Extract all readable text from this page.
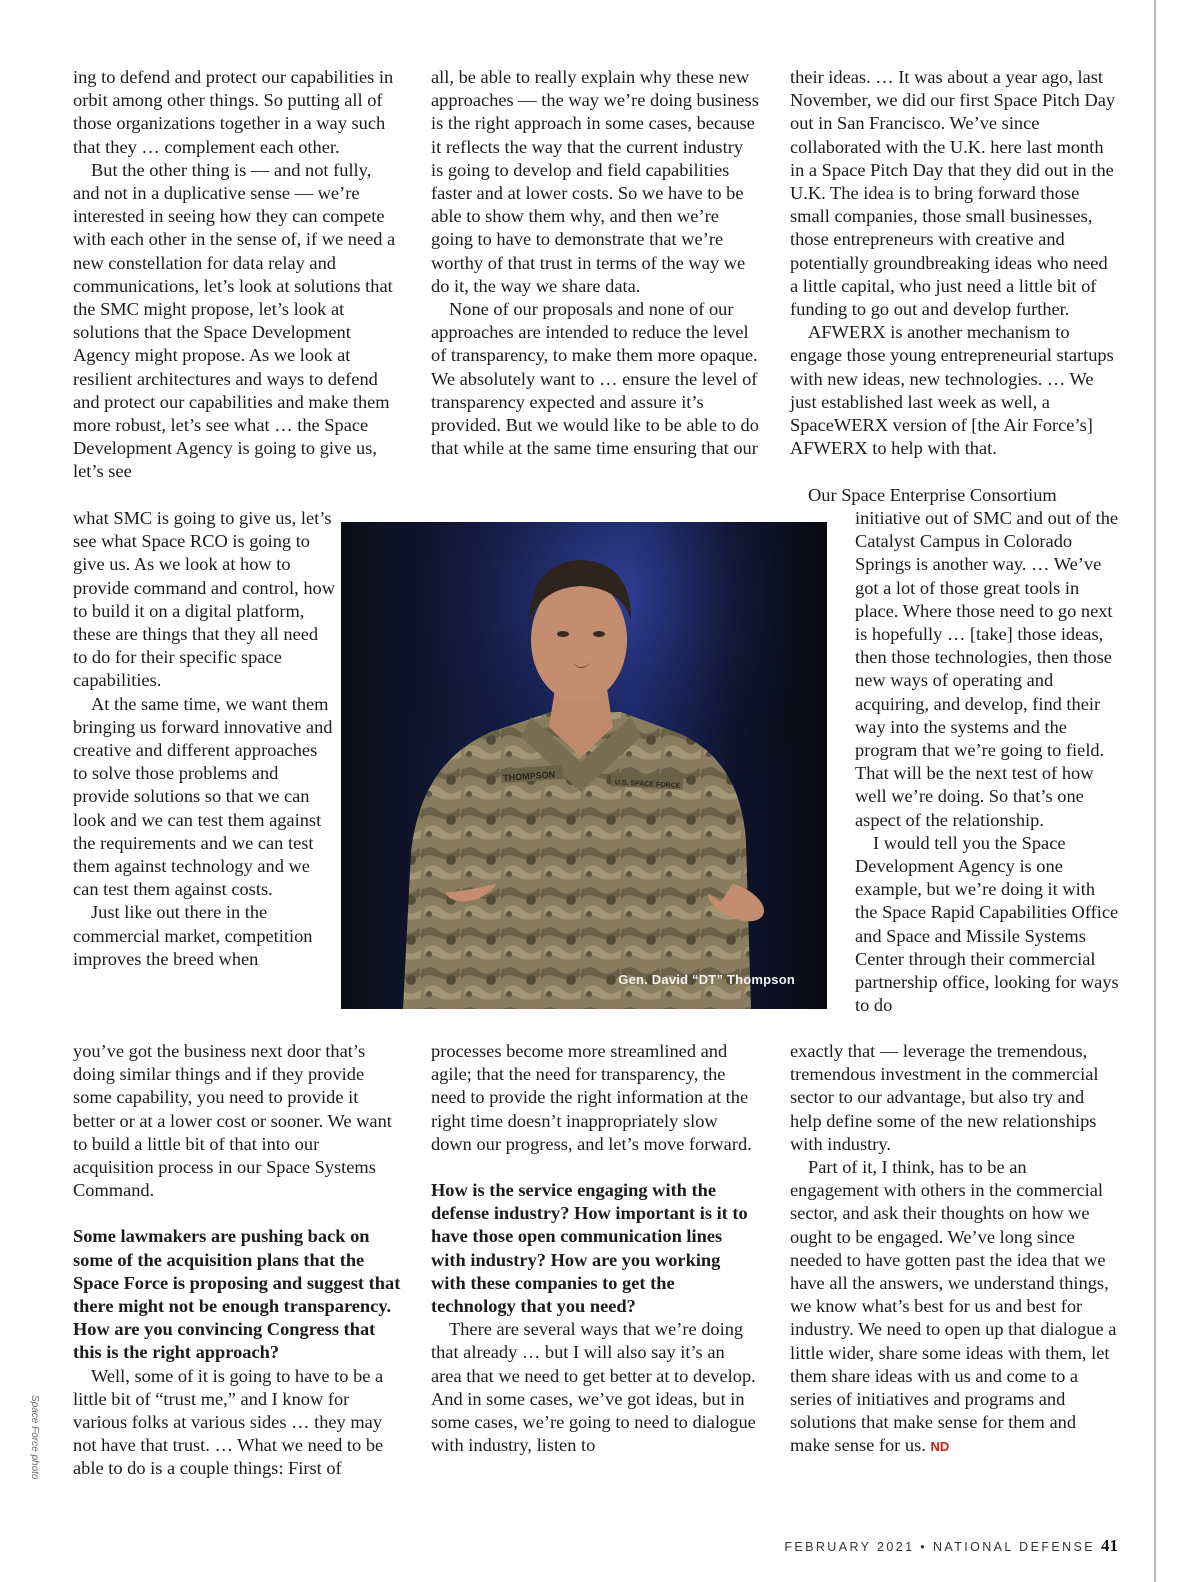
ing to defend and protect our capabilities in orbit among other things. So putting all of those organizations together in a way such that they … complement each other.

But the other thing is — and not fully, and not in a duplicative sense — we’re interested in seeing how they can compete with each other in the sense of, if we need a new constellation for data relay and communications, let’s look at solutions that the SMC might propose, let’s look at solutions that the Space Development Agency might propose. As we look at resilient architectures and ways to defend and protect our capabilities and make them more robust, let’s see what … the Space Development Agency is going to give us, let’s see

what SMC is going to give us, let’s see what Space RCO is going to give us. As we look at how to provide command and control, how to build it on a digital platform, these are things that they all need to do for their specific space capabilities.

At the same time, we want them bringing us forward innovative and creative and different approaches to solve those problems and provide solutions so that we can look and we can test them against the requirements and we can test them against technology and we can test them against costs.

Just like out there in the commercial market, competition improves the breed when

you’ve got the business next door that’s doing similar things and if they provide some capability, you need to provide it better or at a lower cost or sooner. We want to build a little bit of that into our acquisition process in our Space Systems Command.

Some lawmakers are pushing back on some of the acquisition plans that the Space Force is proposing and suggest that there might not be enough transparency. How are you convincing Congress that this is the right approach?

Well, some of it is going to have to be a little bit of “trust me,” and I know for various folks at various sides … they may not have that trust. … What we need to be able to do is a couple things: First of

all, be able to really explain why these new approaches — the way we’re doing business is the right approach in some cases, because it reflects the way that the current industry is going to develop and field capabilities faster and at lower costs. So we have to be able to show them why, and then we’re going to have to demonstrate that we’re worthy of that trust in terms of the way we do it, the way we share data.

None of our proposals and none of our approaches are intended to reduce the level of transparency, to make them more opaque. We absolutely want to … ensure the level of transparency expected and assure it’s provided. But we would like to be able to do that while at the same time ensuring that our

processes become more streamlined and agile; that the need for transparency, the need to provide the right information at the right time doesn’t inappropriately slow down our progress, and let’s move forward.

How is the service engaging with the defense industry? How important is it to have those open communication lines with industry? How are you working with these companies to get the technology that you need?

There are several ways that we’re doing that already … but I will also say it’s an area that we need to get better at to develop. And in some cases, we’ve got ideas, but in some cases, we’re going to need to dialogue with industry, listen to

their ideas. … It was about a year ago, last November, we did our first Space Pitch Day out in San Francisco. We’ve since collaborated with the U.K. here last month in a Space Pitch Day that they did out in the U.K. The idea is to bring forward those small companies, those small businesses, those entrepreneurs with creative and potentially groundbreaking ideas who need a little capital, who just need a little bit of funding to go out and develop further.

AFWERX is another mechanism to engage those young entrepreneurial startups with new ideas, new technologies. … We just established last week as well, a SpaceWERX version of [the Air Force’s] AFWERX to help with that.

Our Space Enterprise Consortium

initiative out of SMC and out of the Catalyst Campus in Colorado Springs is another way. … We’ve got a lot of those great tools in place. Where those need to go next is hopefully … [take] those ideas, then those technologies, then those new ways of operating and acquiring, and develop, find their way into the systems and the program that we’re going to field. That will be the next test of how well we’re doing. So that’s one aspect of the relationship.

I would tell you the Space Development Agency is one example, but we’re doing it with the Space Rapid Capabilities Office and Space and Missile Systems Center through their commercial partnership office, looking for ways to do

exactly that — leverage the tremendous, tremendous investment in the commercial sector to our advantage, but also try and help define some of the new relationships with industry.

Part of it, I think, has to be an engagement with others in the commercial sector, and ask their thoughts on how we ought to be engaged. We’ve long since needed to have gotten past the idea that we have all the answers, we understand things, we know what’s best for us and best for industry. We need to open up that dialogue a little wider, share some ideas with them, let them share ideas with us and come to a series of initiatives and programs and solutions that make sense for them and make sense for us. ND

THOMPSON
U.S. SPACE FORCE
Gen. David “DT” Thompson
Space Force photo
FEBRUARY 2021 • NATIONAL DEFENSE 41
